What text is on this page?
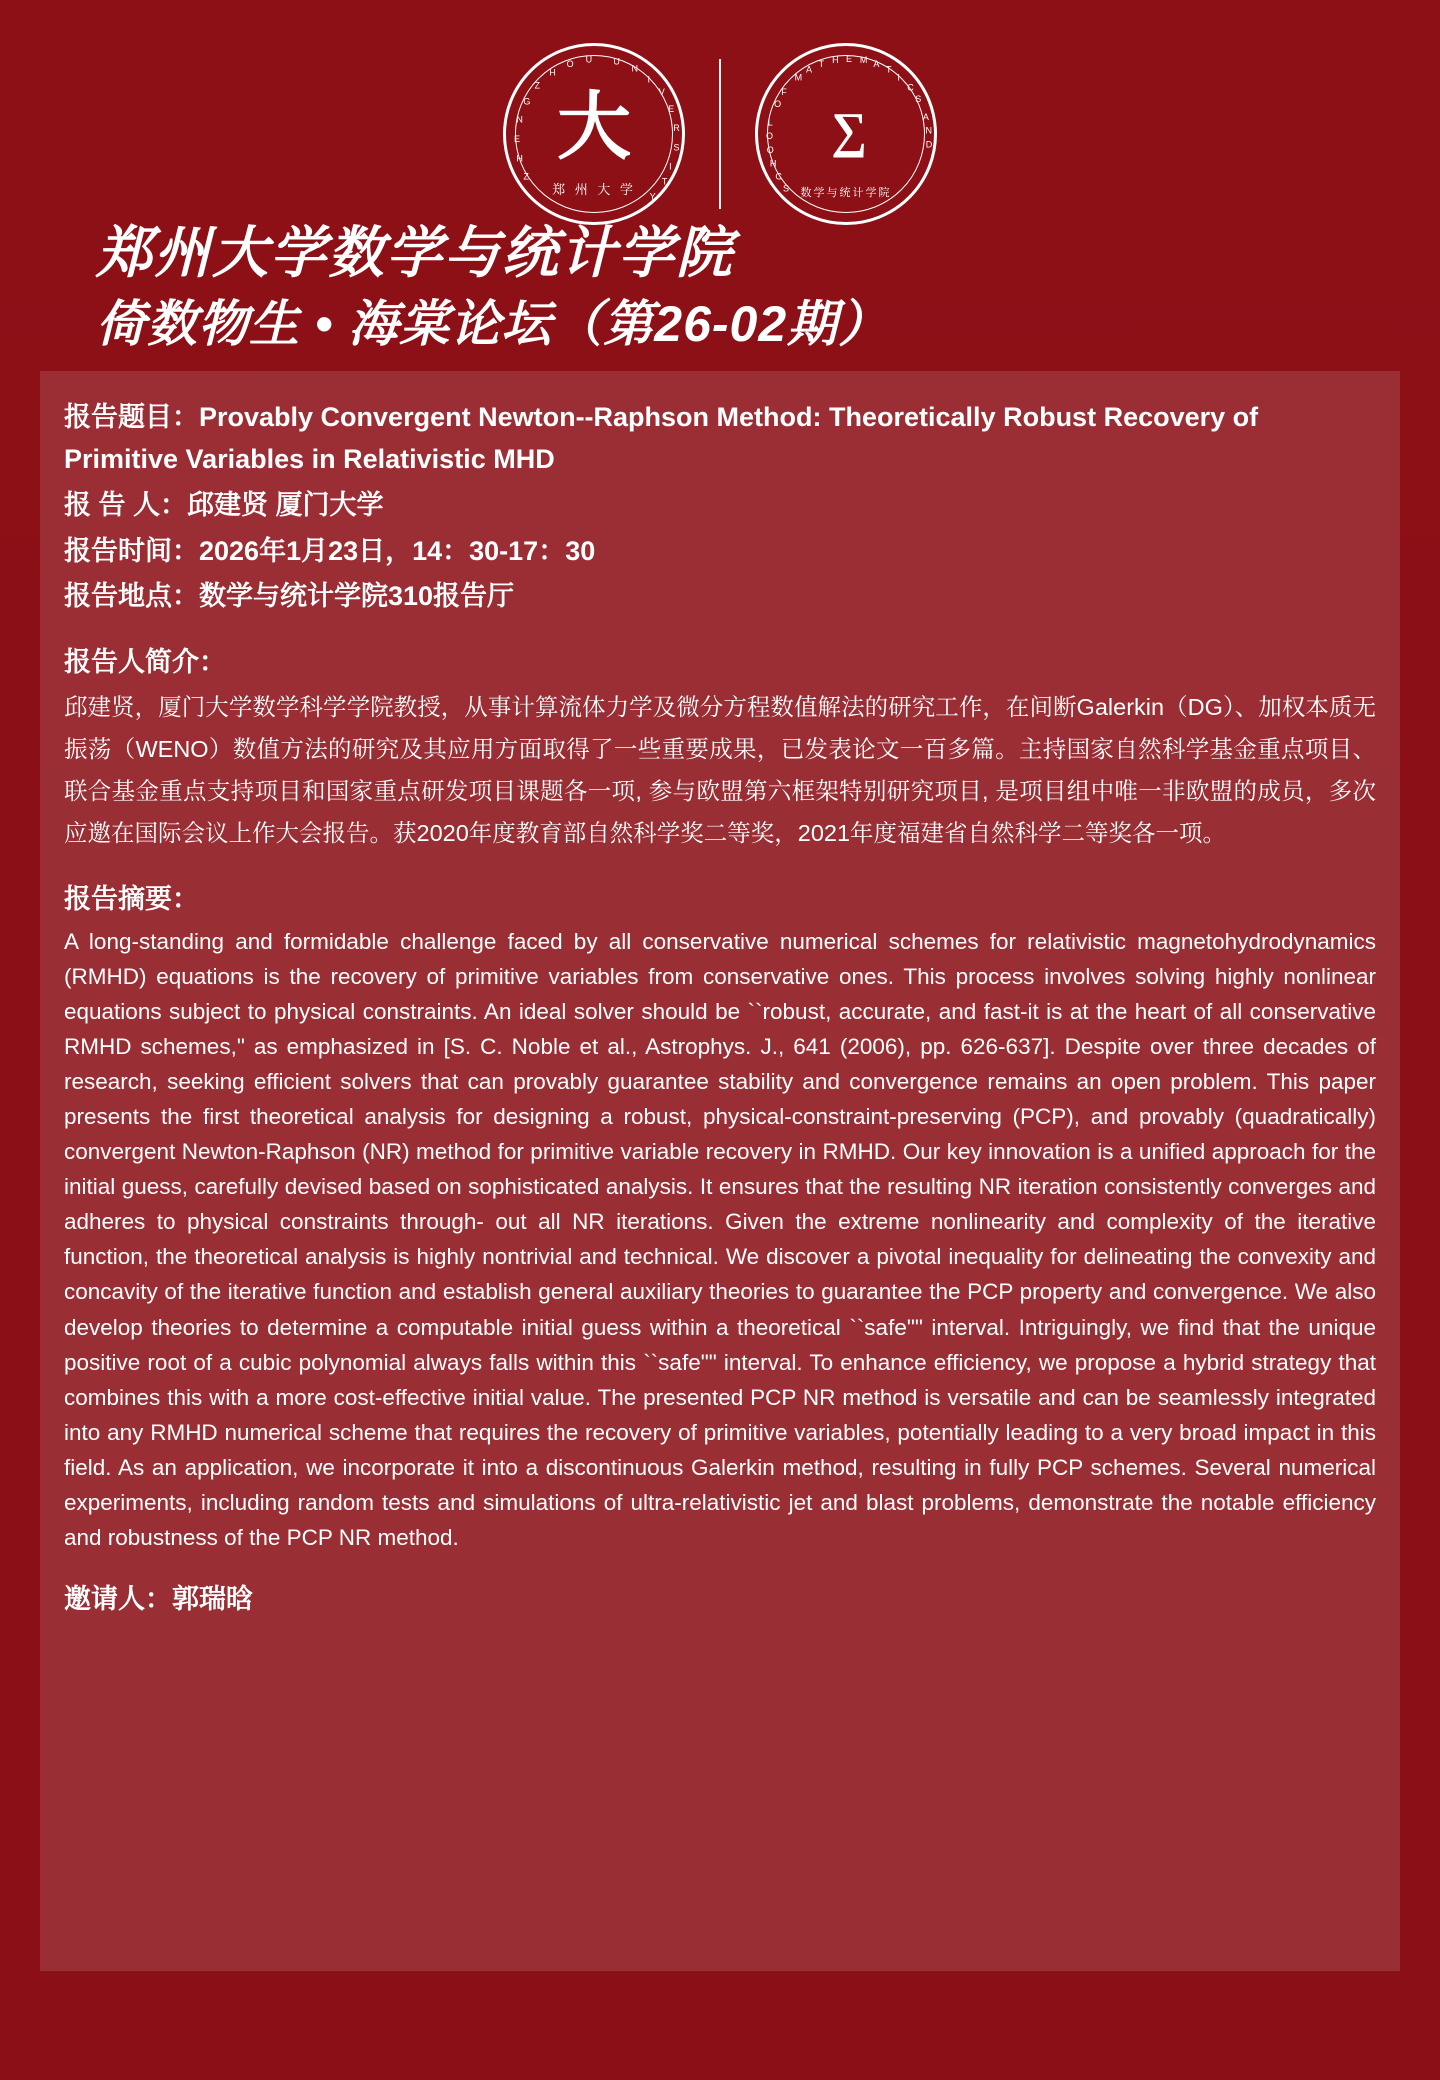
Z
H
E
N
G
Z
H
O U U
N
I
V
E
R
S
I
T
Y
大
郑 州 大 学	S
C
H
O
O
L
O
F
M
A
T H E M A
T
I
C
S
A
N
D
∑
数学与统计学院
郑州大学数学与统计学院
倚数物生 • 海棠论坛（第26-02期）
报告题目：Provably Convergent Newton--Raphson Method: Theoretically Robust Recovery of Primitive Variables in Relativistic MHD
报 告 人：邱建贤 厦门大学
报告时间：2026年1月23日，14：30-17：30
报告地点：数学与统计学院310报告厅
报告人简介：
邱建贤，厦门大学数学科学学院教授，从事计算流体力学及微分方程数值解法的研究工作，在间断Galerkin（DG）、加权本质无振荡（WENO）数值方法的研究及其应用方面取得了一些重要成果，已发表论文一百多篇。主持国家自然科学基金重点项目、联合基金重点支持项目和国家重点研发项目课题各一项, 参与欧盟第六框架特别研究项目, 是项目组中唯一非欧盟的成员，多次应邀在国际会议上作大会报告。获2020年度教育部自然科学奖二等奖，2021年度福建省自然科学二等奖各一项。
报告摘要：
A long-standing and formidable challenge faced by all conservative numerical schemes for relativistic magnetohydrodynamics (RMHD) equations is the recovery of primitive variables from conservative ones. This process involves solving highly nonlinear equations subject to physical constraints. An ideal solver should be ``robust, accurate, and fast-it is at the heart of all conservative RMHD schemes," as emphasized in [S. C. Noble et al., Astrophys. J., 641 (2006), pp. 626-637]. Despite over three decades of research, seeking efficient solvers that can provably guarantee stability and convergence remains an open problem. This paper presents the first theoretical analysis for designing a robust, physical-constraint-preserving (PCP), and provably (quadratically) convergent Newton-Raphson (NR) method for primitive variable recovery in RMHD. Our key innovation is a unified approach for the initial guess, carefully devised based on sophisticated analysis. It ensures that the resulting NR iteration consistently converges and adheres to physical constraints through- out all NR iterations. Given the extreme nonlinearity and complexity of the iterative function, the theoretical analysis is highly nontrivial and technical. We discover a pivotal inequality for delineating the convexity and concavity of the iterative function and establish general auxiliary theories to guarantee the PCP property and convergence. We also develop theories to determine a computable initial guess within a theoretical ``safe"" interval. Intriguingly, we find that the unique positive root of a cubic polynomial always falls within this ``safe"" interval. To enhance efficiency, we propose a hybrid strategy that combines this with a more cost-effective initial value. The presented PCP NR method is versatile and can be seamlessly integrated into any RMHD numerical scheme that requires the recovery of primitive variables, potentially leading to a very broad impact in this field. As an application, we incorporate it into a discontinuous Galerkin method, resulting in fully PCP schemes. Several numerical experiments, including random tests and simulations of ultra-relativistic jet and blast problems, demonstrate the notable efficiency and robustness of the PCP NR method.
邀请人：郭瑞晗
